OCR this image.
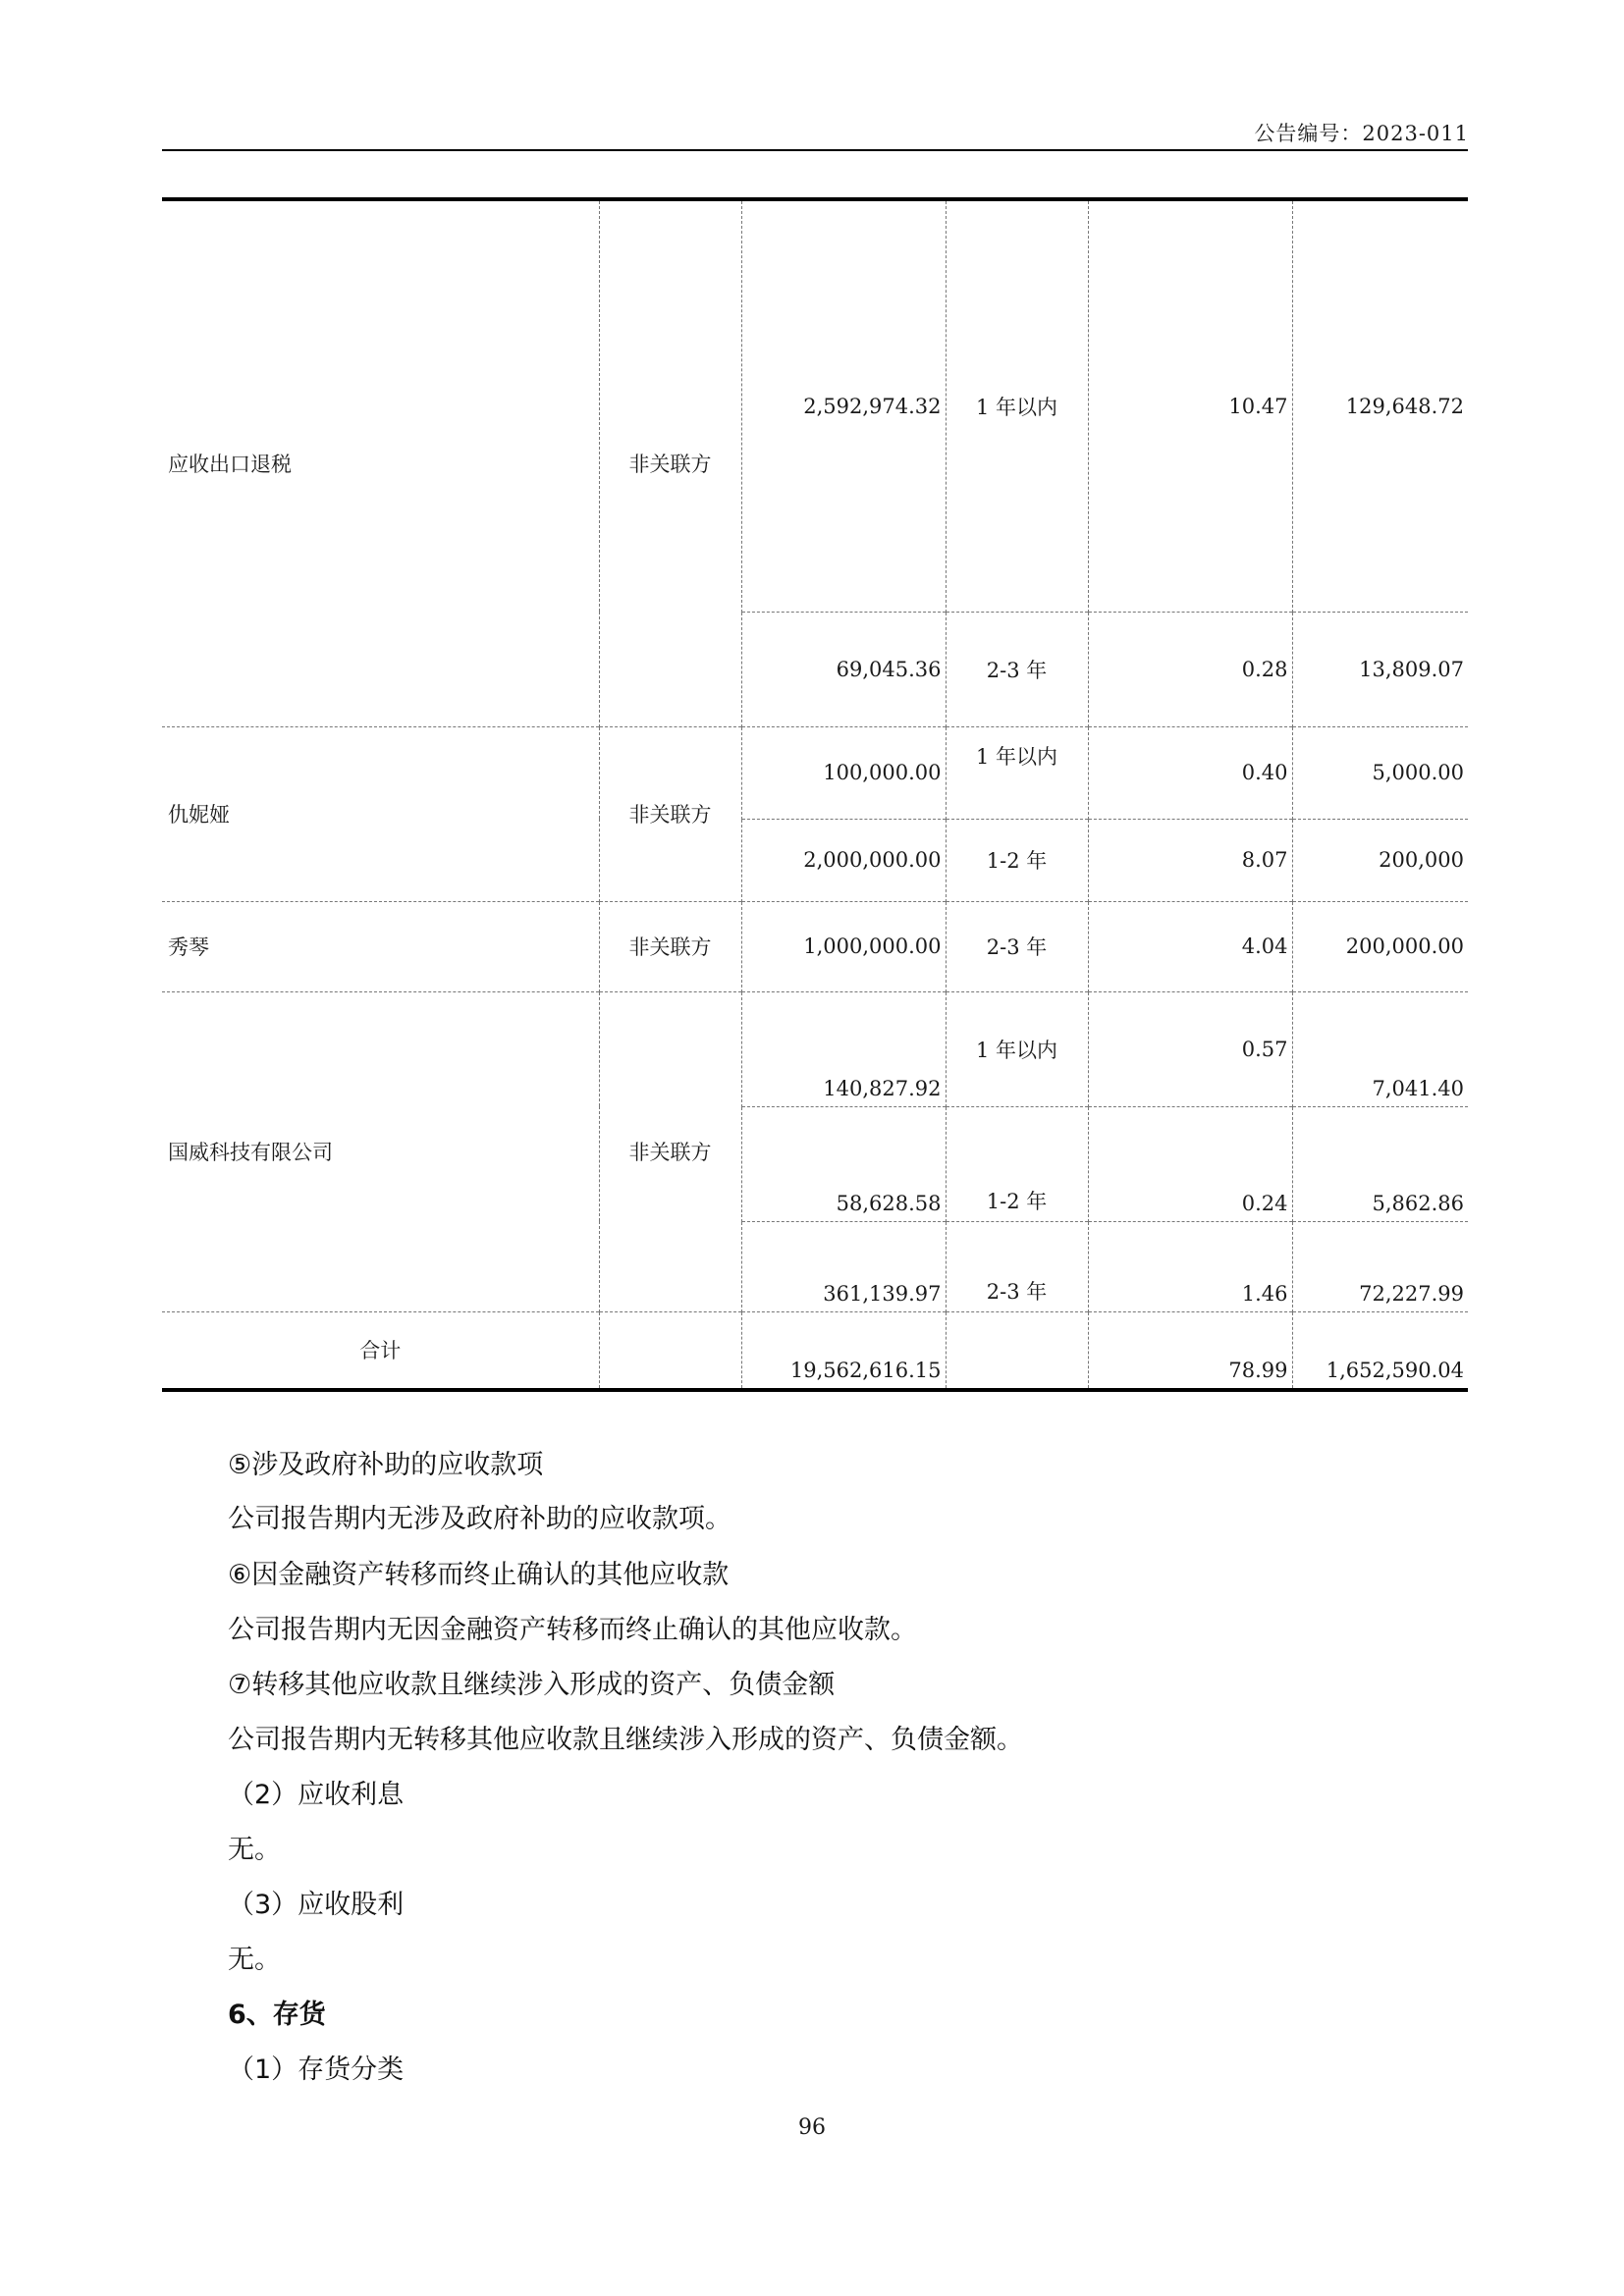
公告编号：2023-011
应收出口退税	非关联方	2,592,974.32	1 年以内	10.47	129,648.72
		69,045.36	2-3 年	0.28	13,809.07
仇妮娅	非关联方	100,000.00	1 年以内	0.40	5,000.00
		2,000,000.00	1-2 年	8.07	200,000
秀琴	非关联方	1,000,000.00	2-3 年	4.04	200,000.00
国威科技有限公司	非关联方	140,827.92	1 年以内	0.57	7,041.40
		58,628.58	1-2 年	0.24	5,862.86
		361,139.97	2-3 年	1.46	72,227.99
合计		19,562,616.15		78.99	1,652,590.04
⑤涉及政府补助的应收款项
公司报告期内无涉及政府补助的应收款项。
⑥因金融资产转移而终止确认的其他应收款
公司报告期内无因金融资产转移而终止确认的其他应收款。
⑦转移其他应收款且继续涉入形成的资产、负债金额
公司报告期内无转移其他应收款且继续涉入形成的资产、负债金额。
（2）应收利息
无。
（3）应收股利
无。
6、存货
（1）存货分类
96
